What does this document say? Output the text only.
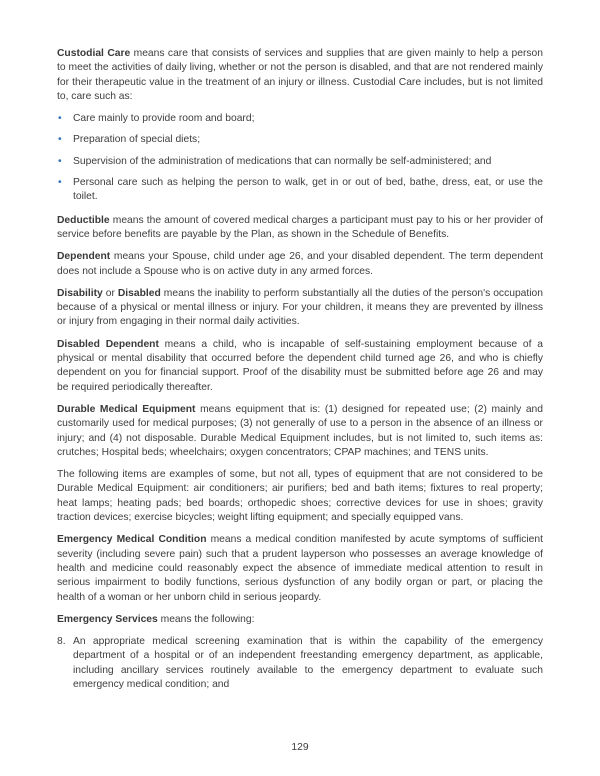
Custodial Care means care that consists of services and supplies that are given mainly to help a person to meet the activities of daily living, whether or not the person is disabled, and that are not rendered mainly for their therapeutic value in the treatment of an injury or illness. Custodial Care includes, but is not limited to, care such as:

• Care mainly to provide room and board;
• Preparation of special diets;
• Supervision of the administration of medications that can normally be self-administered; and
• Personal care such as helping the person to walk, get in or out of bed, bathe, dress, eat, or use the toilet.

Deductible means the amount of covered medical charges a participant must pay to his or her provider of service before benefits are payable by the Plan, as shown in the Schedule of Benefits.

Dependent means your Spouse, child under age 26, and your disabled dependent. The term dependent does not include a Spouse who is on active duty in any armed forces.

Disability or Disabled means the inability to perform substantially all the duties of the person's occupation because of a physical or mental illness or injury. For your children, it means they are prevented by illness or injury from engaging in their normal daily activities.

Disabled Dependent means a child, who is incapable of self-sustaining employment because of a physical or mental disability that occurred before the dependent child turned age 26, and who is chiefly dependent on you for financial support. Proof of the disability must be submitted before age 26 and may be required periodically thereafter.

Durable Medical Equipment means equipment that is: (1) designed for repeated use; (2) mainly and customarily used for medical purposes; (3) not generally of use to a person in the absence of an illness or injury; and (4) not disposable. Durable Medical Equipment includes, but is not limited to, such items as: crutches; Hospital beds; wheelchairs; oxygen concentrators; CPAP machines; and TENS units.

The following items are examples of some, but not all, types of equipment that are not considered to be Durable Medical Equipment: air conditioners; air purifiers; bed and bath items; fixtures to real property; heat lamps; heating pads; bed boards; orthopedic shoes; corrective devices for use in shoes; gravity traction devices; exercise bicycles; weight lifting equipment; and specially equipped vans.

Emergency Medical Condition means a medical condition manifested by acute symptoms of sufficient severity (including severe pain) such that a prudent layperson who possesses an average knowledge of health and medicine could reasonably expect the absence of immediate medical attention to result in serious impairment to bodily functions, serious dysfunction of any bodily organ or part, or placing the health of a woman or her unborn child in serious jeopardy.

Emergency Services means the following:

8. An appropriate medical screening examination that is within the capability of the emergency department of a hospital or of an independent freestanding emergency department, as applicable, including ancillary services routinely available to the emergency department to evaluate such emergency medical condition; and
129
